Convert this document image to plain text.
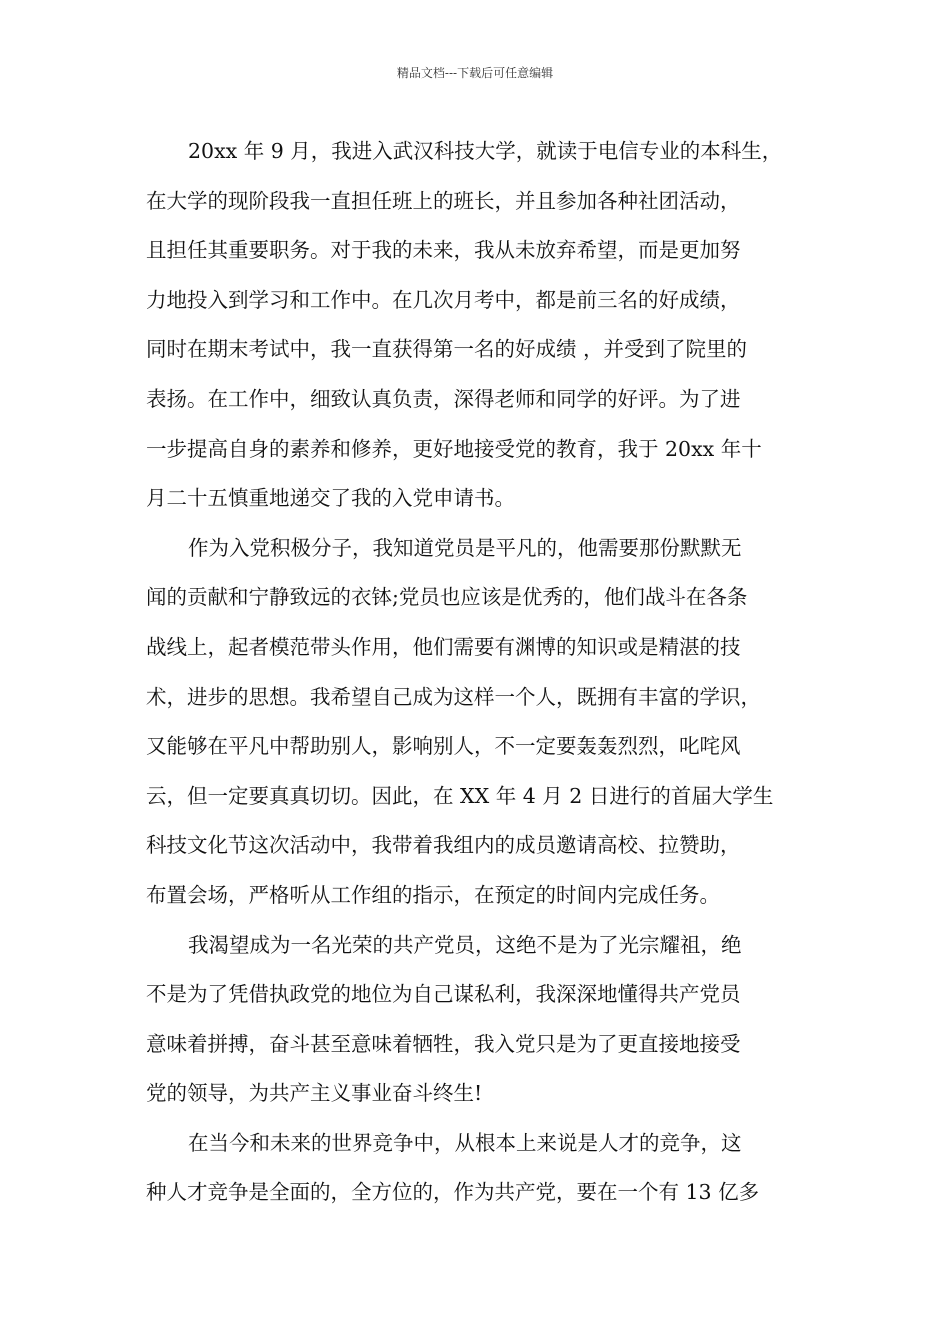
精品文档---下载后可任意编辑
20xx 年 9 月，我进入武汉科技大学，就读于电信专业的本科生，
在大学的现阶段我一直担任班上的班长，并且参加各种社团活动，
且担任其重要职务。对于我的未来，我从未放弃希望，而是更加努
力地投入到学习和工作中。在几次月考中，都是前三名的好成绩，
同时在期末考试中，我一直获得第一名的好成绩 ，并受到了院里的
表扬。在工作中，细致认真负责，深得老师和同学的好评。为了进
一步提高自身的素养和修养，更好地接受党的教育，我于 20xx 年十
月二十五慎重地递交了我的入党申请书。
作为入党积极分子，我知道党员是平凡的，他需要那份默默无
闻的贡献和宁静致远的衣钵;党员也应该是优秀的，他们战斗在各条
战线上，起者模范带头作用，他们需要有渊博的知识或是精湛的技
术，进步的思想。我希望自己成为这样一个人，既拥有丰富的学识，
又能够在平凡中帮助别人，影响别人，不一定要轰轰烈烈，叱咤风
云，但一定要真真切切。因此，在 XX 年 4 月 2 日进行的首届大学生
科技文化节这次活动中，我带着我组内的成员邀请高校、拉赞助，
布置会场，严格听从工作组的指示，在预定的时间内完成任务。
我渴望成为一名光荣的共产党员，这绝不是为了光宗耀祖，绝
不是为了凭借执政党的地位为自己谋私利，我深深地懂得共产党员
意味着拼搏，奋斗甚至意味着牺牲，我入党只是为了更直接地接受
党的领导，为共产主义事业奋斗终生!
在当今和未来的世界竞争中，从根本上来说是人才的竞争，这
种人才竞争是全面的，全方位的，作为共产党，要在一个有 13 亿多
